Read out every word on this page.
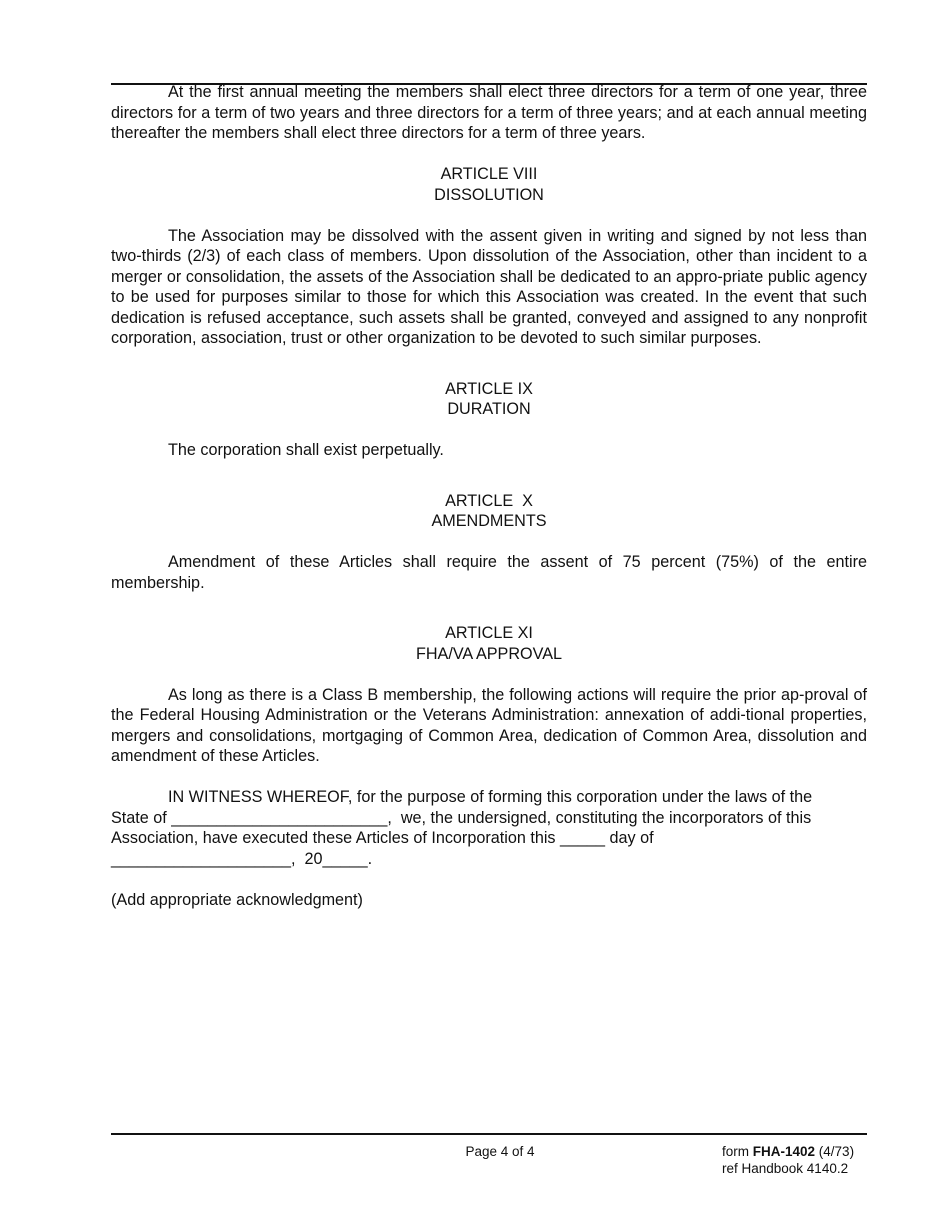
At the first annual meeting the members shall elect three directors for a term of one year, three directors for a term of two years and three directors for a term of three years; and at each annual meeting thereafter the members shall elect three directors for a term of three years.

ARTICLE VIII

DISSOLUTION

The Association may be dissolved with the assent given in writing and signed by not less than two-thirds (2/3) of each class of members. Upon dissolution of the Association, other than incident to a merger or consolidation, the assets of the Association shall be dedicated to an appro-priate public agency to be used for purposes similar to those for which this Association was created. In the event that such dedication is refused acceptance, such assets shall be granted, conveyed and assigned to any nonprofit corporation, association, trust or other organization to be devoted to such similar purposes.

ARTICLE IX

DURATION

The corporation shall exist perpetually.

ARTICLE  X

AMENDMENTS

Amendment of these Articles shall require the assent of 75 percent (75%) of the entire membership.

ARTICLE XI

FHA/VA APPROVAL

As long as there is a Class B membership, the following actions will require the prior ap-proval of the Federal Housing Administration or the Veterans Administration: annexation of addi-tional properties, mergers and consolidations, mortgaging of Common Area, dedication of Common Area, dissolution and amendment of these Articles.

IN WITNESS WHEREOF, for the purpose of forming this corporation under the laws of the

State of ________________________,  we, the undersigned, constituting the incorporators of this

Association, have executed these Articles of Incorporation this _____ day of

____________________,  20_____.

(Add appropriate acknowledgment)

Page 4 of 4	form FHA-1402 (4/73)
ref Handbook 4140.2
